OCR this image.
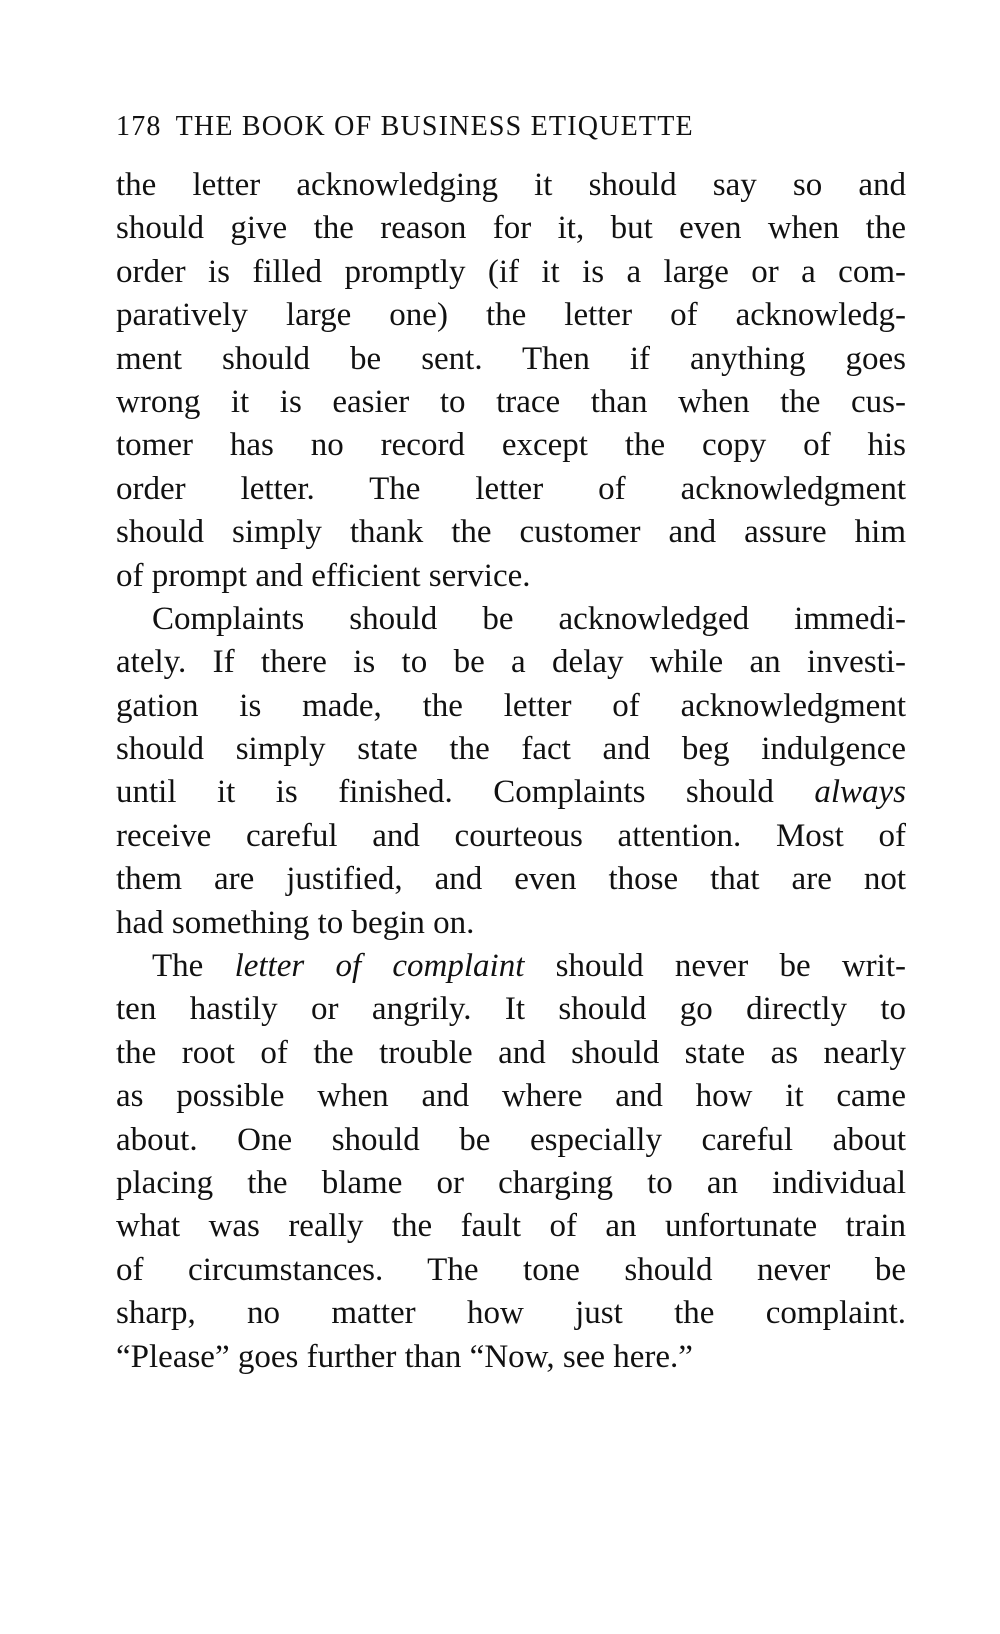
178 THE BOOK OF BUSINESS ETIQUETTE
the letter acknowledging it should say so and
should give the reason for it, but even when the
order is filled promptly (if it is a large or a com-
paratively large one) the letter of acknowledg-
ment should be sent. Then if anything goes
wrong it is easier to trace than when the cus-
tomer has no record except the copy of his
order letter. The letter of acknowledgment
should simply thank the customer and assure him
of prompt and efficient service.
Complaints should be acknowledged immedi-
ately. If there is to be a delay while an investi-
gation is made, the letter of acknowledgment
should simply state the fact and beg indulgence
until it is finished. Complaints should always
receive careful and courteous attention. Most of
them are justified, and even those that are not
had something to begin on.
The letter of complaint should never be writ-
ten hastily or angrily. It should go directly to
the root of the trouble and should state as nearly
as possible when and where and how it came
about. One should be especially careful about
placing the blame or charging to an individual
what was really the fault of an unfortunate train
of circumstances. The tone should never be
sharp, no matter how just the complaint.
“Please” goes further than “Now, see here.”
